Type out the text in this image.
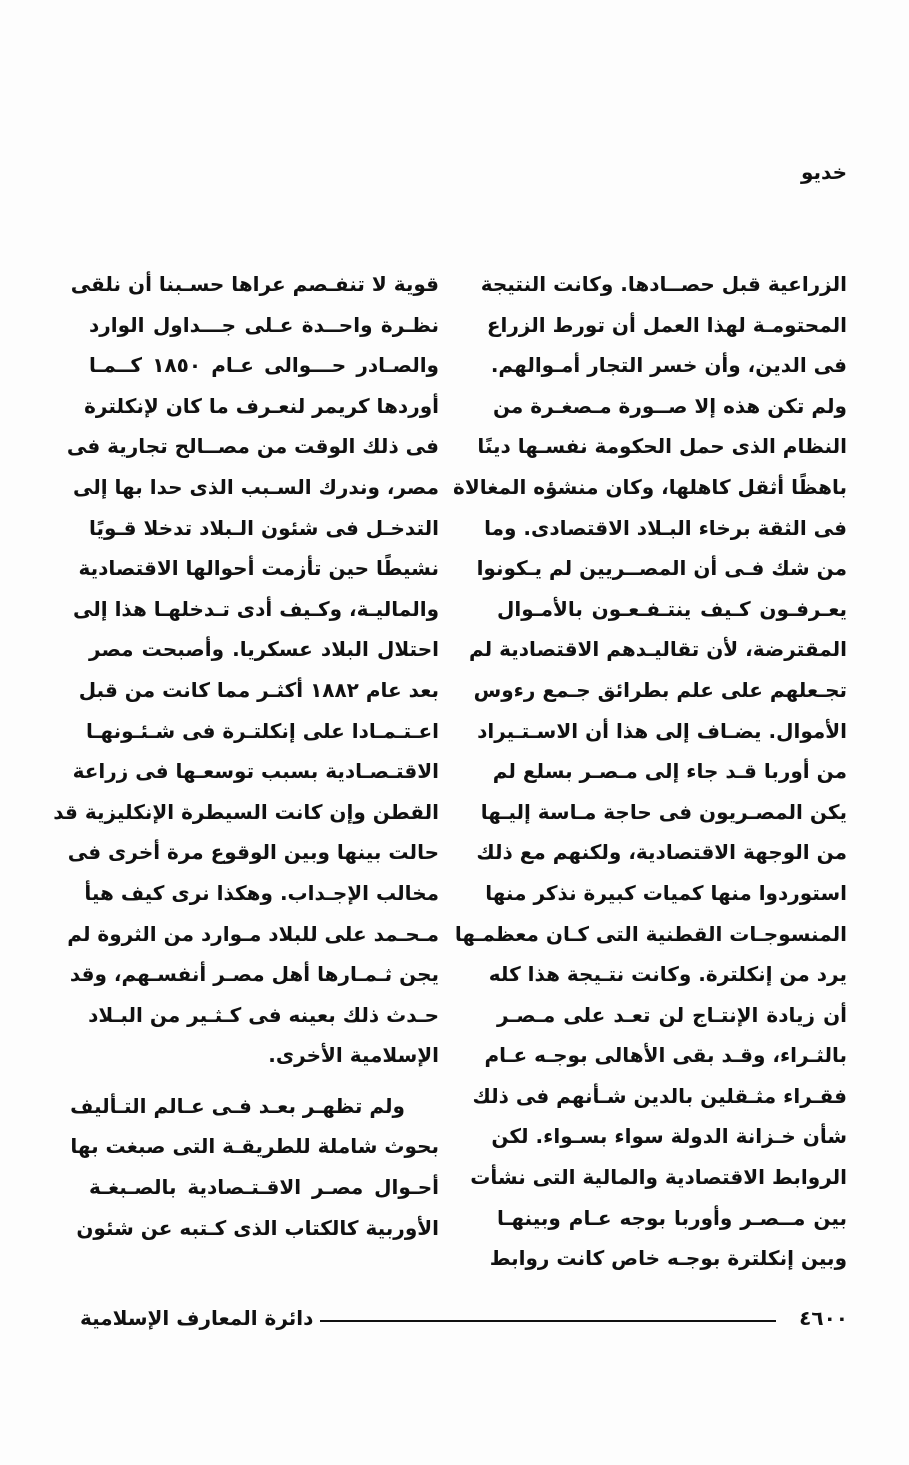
خديو
الزراعية قبل حصــادها. وكانت النتيجة
المحتومـة لهذا العمل أن تورط الزراع
فى الدين، وأن خسر التجار أمـوالهم.
ولم تكن هذه إلا صــورة مـصغـرة من
النظام الذى حمل الحكومة نفسـها دينًا
باهظًا أثقل كاهلها، وكان منشؤه المغالاة
فى الثقة برخاء البـلاد الاقتصادى. وما
من شك فـى أن المصــريين لم يـكونوا
يعـرفـون كـيف ينتـفـعـون بالأمـوال
المقترضة، لأن تقاليـدهم الاقتصادية لم
تجـعلهم على علم بطرائق جـمع رءوس
الأموال. يضـاف إلى هذا أن الاسـتـيراد
من أوربا قـد جاء إلى مـصـر بسلع لم
يكن المصـريون فى حاجة مـاسة إليـها
من الوجهة الاقتصادية، ولكنهم مع ذلك
استوردوا منها كميات كبيرة نذكر منها
المنسوجـات القطنية التى كـان معظمـها
يرد من إنكلترة. وكانت نتـيجة هذا كله
أن زيادة الإنتـاج لن تعـد على مـصـر
بالثـراء، وقـد بقى الأهالى بوجـه عـام
فقـراء مثـقلين بالدين شـأنهم فى ذلك
شأن خـزانة الدولة سواء بسـواء. لكن
الروابط الاقتصادية والمالية التى نشأت
بين مــصـر وأوربا بوجه عـام وبينهـا
وبين إنكلترة بوجـه خاص كانت روابط
قوية لا تنفـصم عراها حسـبنا أن نلقى
نظـرة واحــدة عـلى جـــداول الوارد
والصـادر حـــوالى عـام ١٨٥٠ كــمـا
أوردها كريمر لنعـرف ما كان لإنكلترة
فى ذلك الوقت من مصــالح تجارية فى
مصر، وندرك السـبب الذى حدا بها إلى
التدخـل فى شئون الـبلاد تدخلا قـويًا
نشيطًا حين تأزمت أحوالها الاقتصادية
والماليـة، وكـيف أدى تـدخلهـا هذا إلى
احتلال البلاد عسكريا. وأصبحت مصر
بعد عام ١٨٨٢ أكثـر مما كانت من قبل
اعـتـمـادا على إنكلتـرة فى شـئـونهـا
الاقتـصـادية بسبب توسعـها فى زراعة
القطن وإن كانت السيطرة الإنكليزية قد
حالت بينها وبين الوقوع مرة أخرى فى
مخالب الإجـداب. وهكذا نرى كيف هيأ
مـحـمد على للبلاد مـوارد من الثروة لم
يجن ثـمـارها أهل مصـر أنفسـهم، وقد
حـدث ذلك بعينه فى كـثـير من البـلاد
الإسلامية الأخرى.
ولم تظهـر بعـد فـى عـالم التـأليف
بحوث شاملة للطريقـة التى صبغت بها
أحـوال مصـر الاقـتـصادية بالصـبغـة
الأوربية كالكتاب الذى كـتبه عن شئون
٤٦٠٠
دائرة المعارف الإسلامية
